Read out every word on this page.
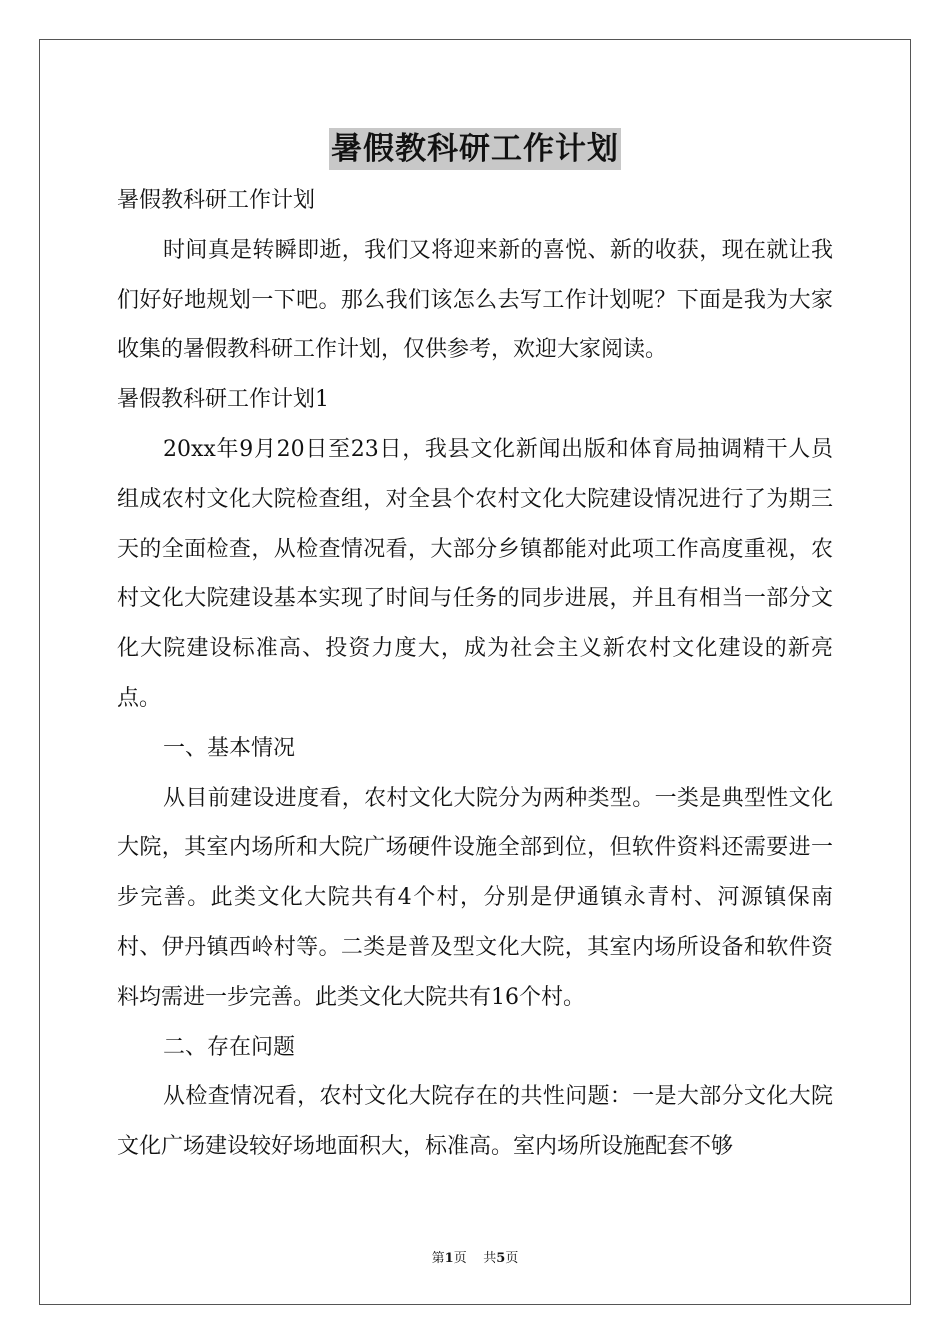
暑假教科研工作计划

暑假教科研工作计划

时间真是转瞬即逝，我们又将迎来新的喜悦、新的收获，现在就让我们好好地规划一下吧。那么我们该怎么去写工作计划呢？下面是我为大家收集的暑假教科研工作计划，仅供参考，欢迎大家阅读。

暑假教科研工作计划1

20xx年9月20日至23日，我县文化新闻出版和体育局抽调精干人员组成农村文化大院检查组，对全县个农村文化大院建设情况进行了为期三天的全面检查，从检查情况看，大部分乡镇都能对此项工作高度重视，农村文化大院建设基本实现了时间与任务的同步进展，并且有相当一部分文化大院建设标准高、投资力度大，成为社会主义新农村文化建设的新亮点。

一、基本情况

从目前建设进度看，农村文化大院分为两种类型。一类是典型性文化大院，其室内场所和大院广场硬件设施全部到位，但软件资料还需要进一步完善。此类文化大院共有4个村，分别是伊通镇永青村、河源镇保南村、伊丹镇西岭村等。二类是普及型文化大院，其室内场所设备和软件资料均需进一步完善。此类文化大院共有16个村。

二、存在问题

从检查情况看，农村文化大院存在的共性问题：一是大部分文化大院文化广场建设较好场地面积大，标准高。室内场所设施配套不够

第1页 共5页
